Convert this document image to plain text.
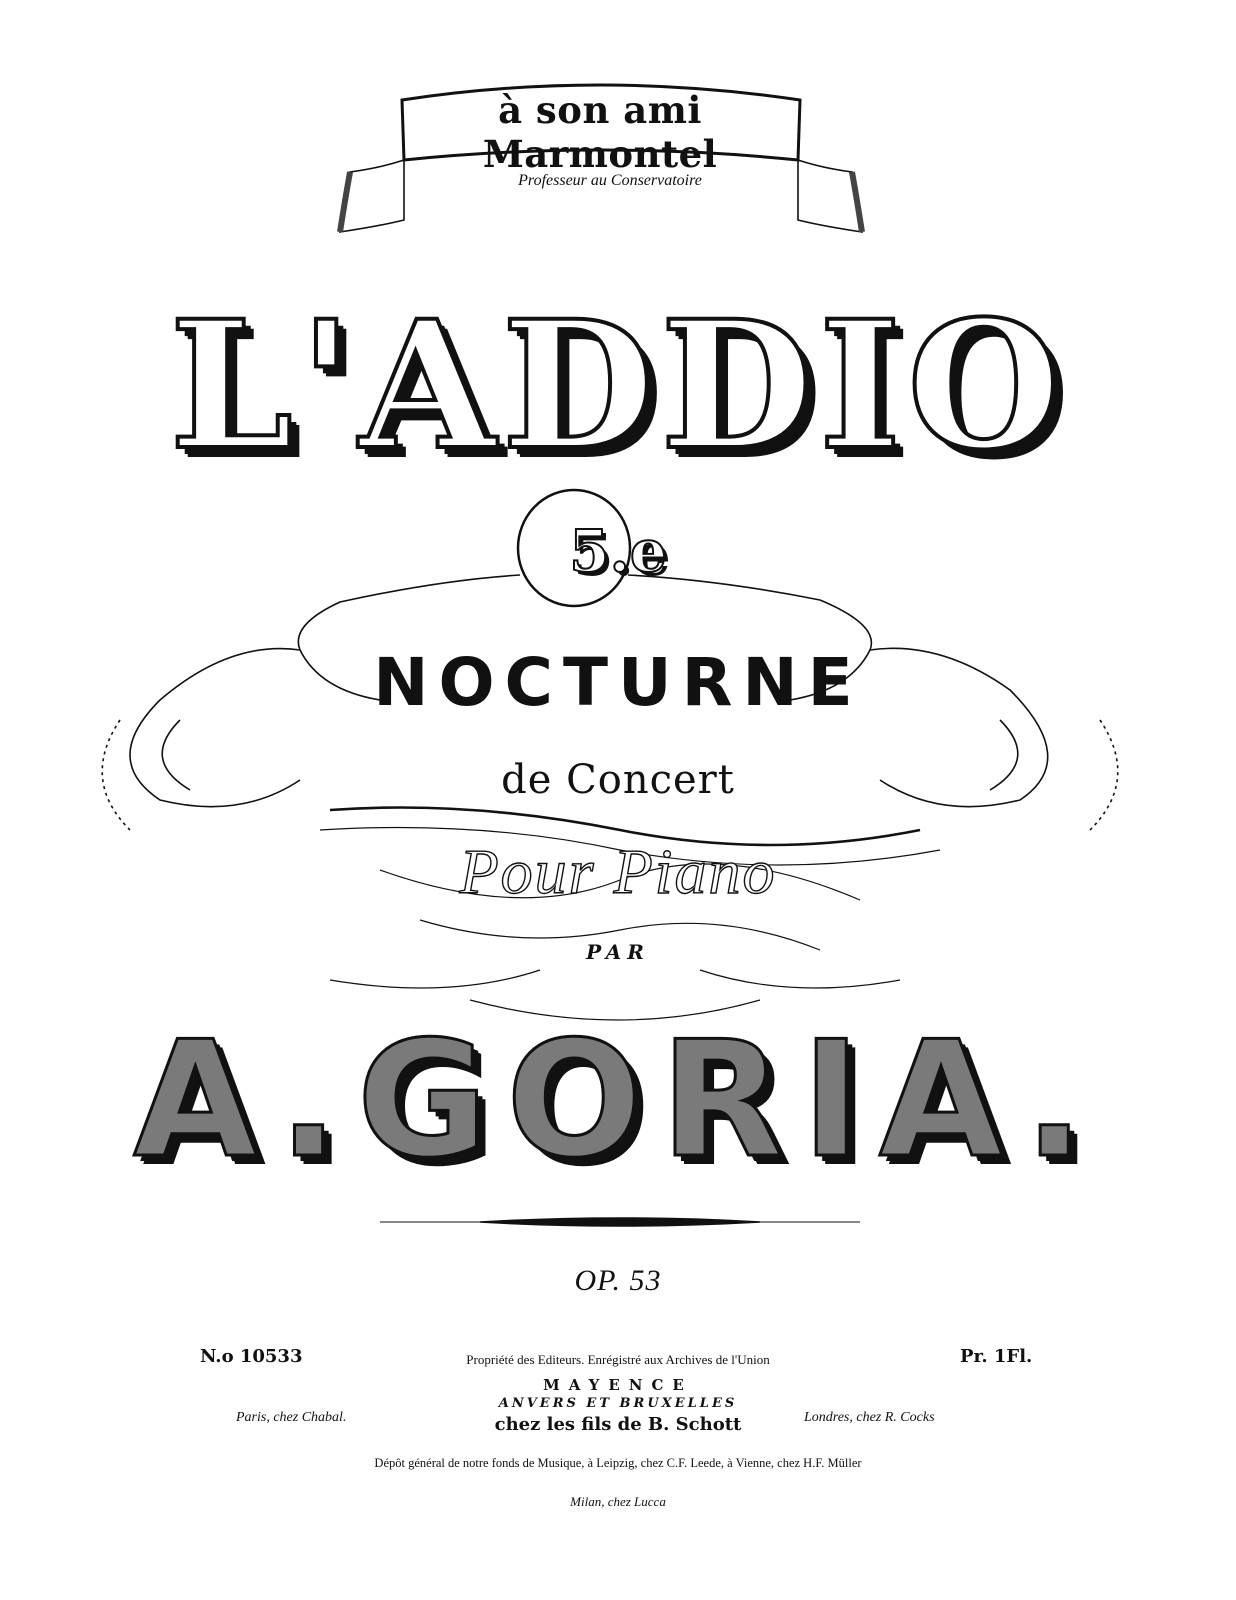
à son ami Marmontel
Professeur au Conservatoire
L'ADDIO
5.e
NOCTURNE
de Concert
Pour Piano
PAR
A.GORIA.
OP. 53
N.o 10533	Pr. 1Fl.
Propriété des Editeurs. Enrégistré aux Archives de l'Union
MAYENCE
ANVERS ET BRUXELLES
chez les fils de B. Schott
Paris, chez Chabal.	Londres, chez R. Cocks
Dépôt général de notre fonds de Musique, à Leipzig, chez C.F. Leede, à Vienne, chez H.F. Müller
Milan, chez Lucca
